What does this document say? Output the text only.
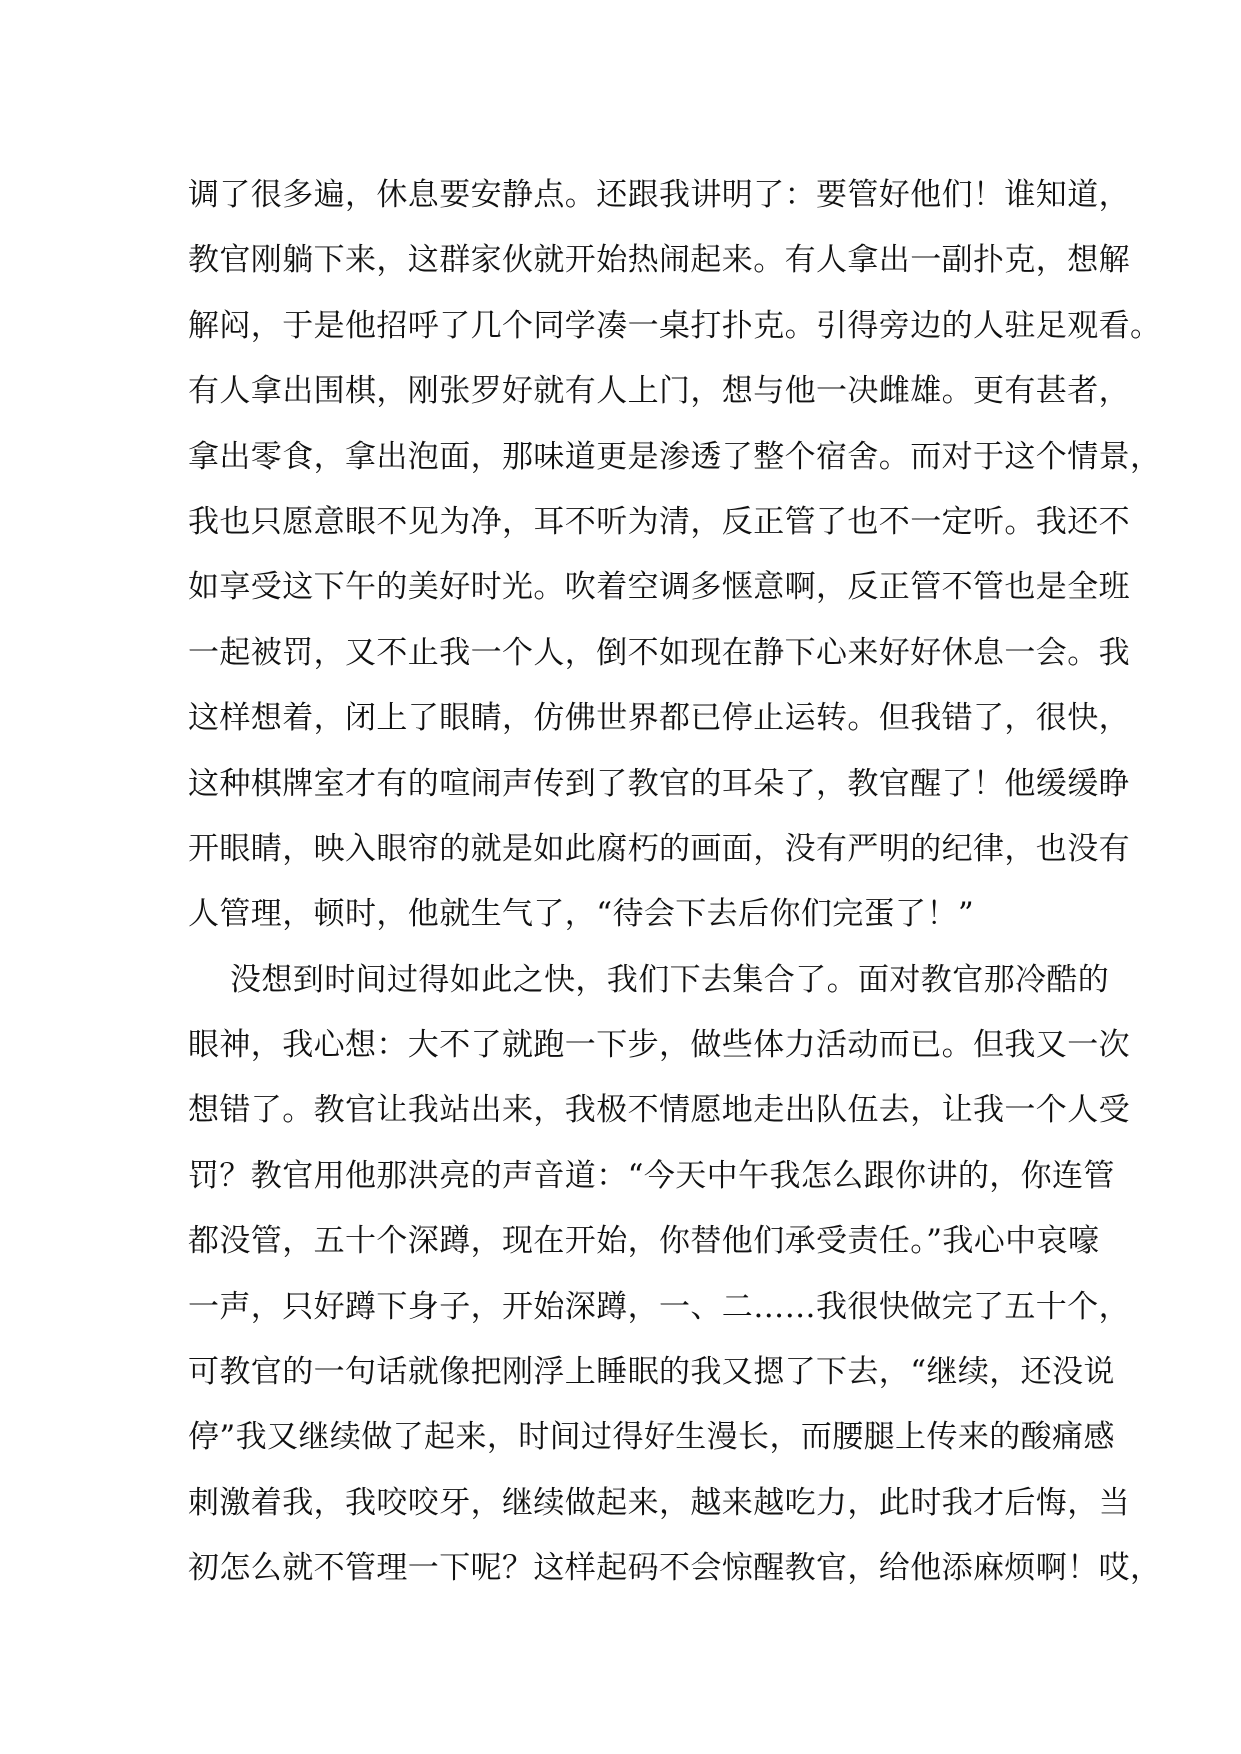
调了很多遍，休息要安静点。还跟我讲明了：要管好他们！谁知道，
教官刚躺下来，这群家伙就开始热闹起来。有人拿出一副扑克，想解
解闷，于是他招呼了几个同学凑一桌打扑克。引得旁边的人驻足观看。
有人拿出围棋，刚张罗好就有人上门，想与他一决雌雄。更有甚者，
拿出零食，拿出泡面，那味道更是渗透了整个宿舍。而对于这个情景，
我也只愿意眼不见为净，耳不听为清，反正管了也不一定听。我还不
如享受这下午的美好时光。吹着空调多惬意啊，反正管不管也是全班
一起被罚，又不止我一个人，倒不如现在静下心来好好休息一会。我
这样想着，闭上了眼睛，仿佛世界都已停止运转。但我错了，很快，
这种棋牌室才有的喧闹声传到了教官的耳朵了，教官醒了！他缓缓睁
开眼睛，映入眼帘的就是如此腐朽的画面，没有严明的纪律，也没有
人管理，顿时，他就生气了，“待会下去后你们完蛋了！”
没想到时间过得如此之快，我们下去集合了。面对教官那冷酷的
眼神，我心想：大不了就跑一下步，做些体力活动而已。但我又一次
想错了。教官让我站出来，我极不情愿地走出队伍去，让我一个人受
罚？教官用他那洪亮的声音道：“今天中午我怎么跟你讲的，你连管
都没管，五十个深蹲，现在开始，你替他们承受责任。”我心中哀嚎
一声，只好蹲下身子，开始深蹲，一、二……我很快做完了五十个，
可教官的一句话就像把刚浮上睡眠的我又摁了下去，“继续，还没说
停”我又继续做了起来，时间过得好生漫长，而腰腿上传来的酸痛感
刺激着我，我咬咬牙，继续做起来，越来越吃力，此时我才后悔，当
初怎么就不管理一下呢？这样起码不会惊醒教官，给他添麻烦啊！哎，
